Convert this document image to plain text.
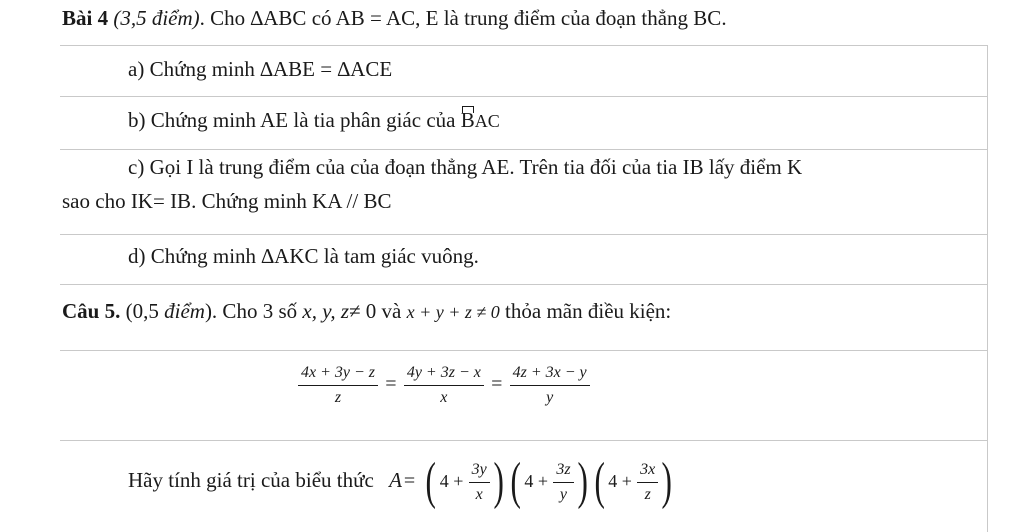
Bài 4 (3,5 điểm). Cho ∆ABC có AB = AC, E là trung điểm của đoạn thẳng BC.
a) Chứng minh ∆ABE = ∆ACE
b) Chứng minh AE là tia phân giác của BAC
c) Gọi I là trung điểm của của đoạn thẳng AE. Trên tia đối của tia IB lấy điểm K
sao cho IK= IB. Chứng minh KA // BC
d) Chứng minh ∆AKC là tam giác vuông.
Câu 5. (0,5 điểm). Cho 3 số x, y, z≠ 0 và x + y + z ≠ 0 thỏa mãn điều kiện:
$\frac{4x + 3y - z}{z} = \frac{4y + 3z - x}{x} = \frac{4z + 3x - y}{y}$
Hãy tính giá trị của biểu thức A = ( $4 + \frac{3y}{x}$ ) ( $4 + \frac{3z}{y}$ ) ( $4 + \frac{3x}{z}$ )
